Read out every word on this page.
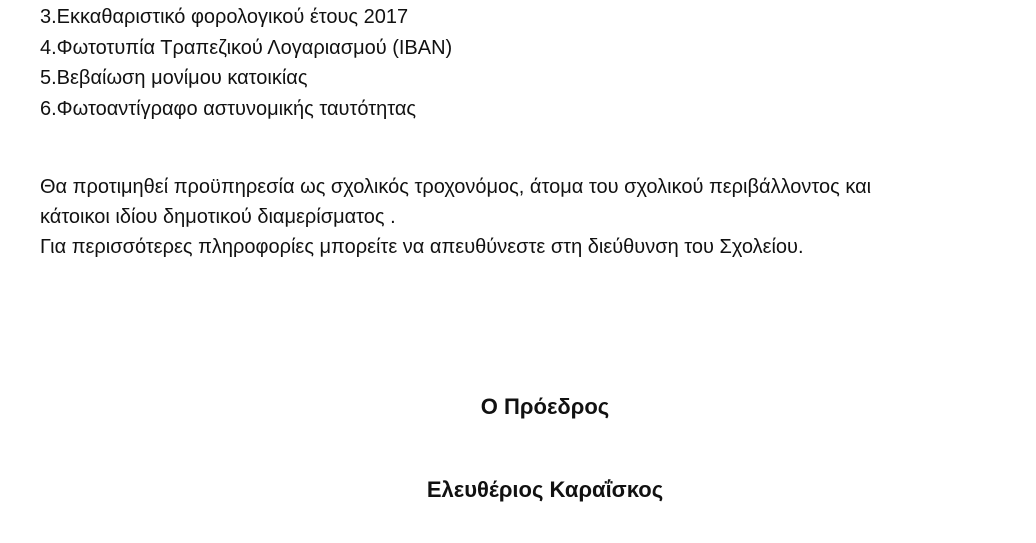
3.Εκκαθαριστικό φορολογικού έτους 2017
4.Φωτοτυπία Τραπεζικού Λογαριασμού (IBAN)
5.Βεβαίωση μονίμου κατοικίας
6.Φωτοαντίγραφο αστυνομικής ταυτότητας

Θα προτιμηθεί προϋπηρεσία ως σχολικός τροχονόμος, άτομα του σχολικού περιβάλλοντος και

κάτοικοι ιδίου δημοτικού διαμερίσματος .

Για περισσότερες πληροφορίες μπορείτε να απευθύνεστε στη διεύθυνση του Σχολείου.

Ο Πρόεδρος
Ελευθέριος Καραΐσκος
